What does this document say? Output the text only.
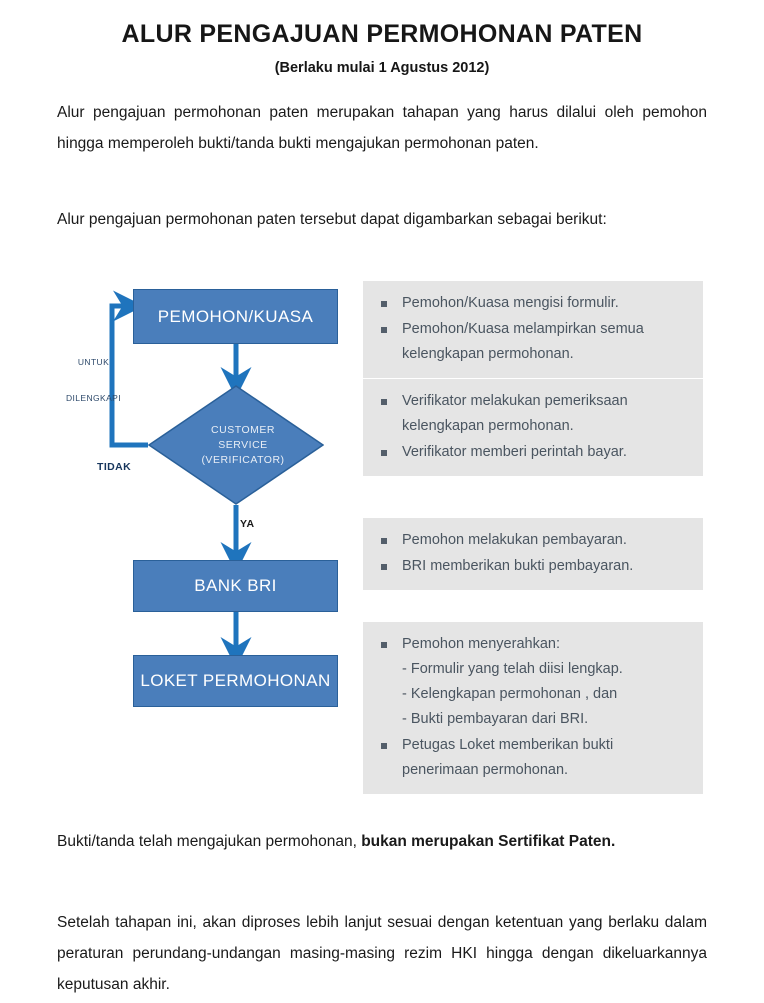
ALUR PENGAJUAN PERMOHONAN PATEN
(Berlaku mulai 1 Agustus 2012)
Alur pengajuan permohonan paten merupakan tahapan yang harus dilalui oleh pemohon hingga memperoleh bukti/tanda bukti mengajukan permohonan paten.
Alur pengajuan permohonan paten tersebut dapat digambarkan sebagai berikut:
PEMOHON/KUASA
CUSTOMER
SERVICE
(VERIFICATOR)
BANK BRI
LOKET PERMOHONAN

UNTUK

DILENGKAPI

TIDAK
YA
Pemohon/Kuasa mengisi formulir.
Pemohon/Kuasa melampirkan semua kelengkapan permohonan.
Verifikator melakukan pemeriksaan kelengkapan permohonan.
Verifikator memberi perintah bayar.
Pemohon melakukan pembayaran.
BRI memberikan bukti pembayaran.
Pemohon menyerahkan:
- Formulir yang telah diisi lengkap.
- Kelengkapan permohonan , dan
- Bukti pembayaran dari BRI.
Petugas Loket memberikan bukti penerimaan permohonan.
Bukti/tanda telah mengajukan permohonan, bukan merupakan Sertifikat Paten.
Setelah tahapan ini, akan diproses lebih lanjut sesuai dengan ketentuan yang berlaku dalam peraturan perundang-undangan masing-masing rezim HKI hingga dengan dikeluarkannya keputusan akhir.
